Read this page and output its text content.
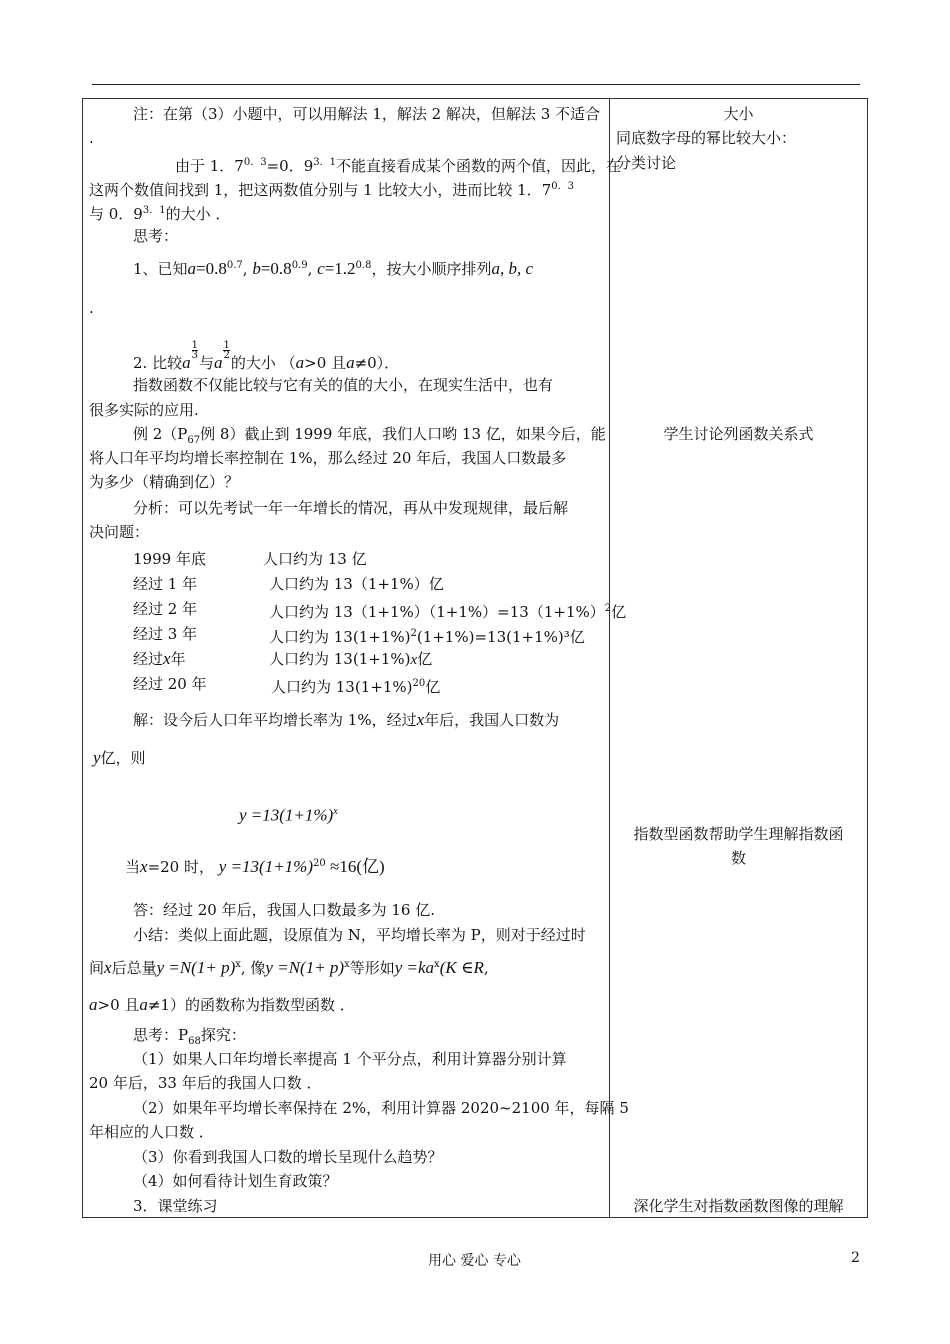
注：在第（3）小题中，可以用解法 1，解法 2 解决，但解法 3 不适合
.
由于 1．$7^{0.3}=0$．$9^{3.1}$不能直接看成某个函数的两个值，因此，在
这两个数值间找到 1，把这两数值分别与 1 比较大小，进而比较 1．$7^{0.3}$
与 0．$9^{3.1}$的大小 ．
思考：
1、已知$a=0.8^{0.7}$, $b=0.8^{0.9}$, $c=1.2^{0.8}$，按大小顺序排列a, b, c
.
2. 比较a
$\frac{1}{3}$
与a
$\frac{1}{2}$
的大小 （a>0 且a≠0）．
指数函数不仅能比较与它有关的值的大小，在现实生活中，也有
很多实际的应用.
例 $2(P_{67}$例 8）截止到 1999 年底，我们人口哟 13 亿，如果今后，能
将人口年平均均增长率控制在 1%，那么经过 20 年后，我国人口数最多
为多少（精确到亿）？
分析：可以先考试一年一年增长的情况，再从中发现规律，最后解
决问题：
1999 年底	人口约为 13 亿
经过 1 年	人口约为 13（1+1%）亿
经过 2 年	人口约为 $13(1+1\%)(1+1\%)=13(1+1\%)^2$亿
经过 3 年	人口约为 $13(1+1\%)^2(1+1\%)=13(1+1\%)^3$亿
经过x年	人口约为 13(1+1%)x亿
经过 20 年	人口约为 $13(1+1\%)^{20}$亿
解：设今后人口年平均增长率为 1%，经过x年后，我国人口数为
y亿，则
$y =13(1+1\%)^x$
当x=20 时， $y =13(1+1\%)^{20} \approx 16$(亿)
答：经过 20 年后，我国人口数最多为 16 亿.
小结：类似上面此题，设原值为 N，平均增长率为 P，则对于经过时
间x后总量$y =N(1+ p)^x$, 像$y =N(1+ p)^x$等形如$y =ka^x(K$ ∈R,
a>0 且a≠1）的函数称为指数型函数 ．
思考：$P_{68}$探究：
（1）如果人口年均增长率提高 1 个平分点，利用计算器分别计算
20 年后，33 年后的我国人口数 ．
（2）如果年平均增长率保持在 2%，利用计算器 2020~2100 年，每隔 5
年相应的人口数 ．
（3）你看到我国人口数的增长呈现什么趋势？
（4）如何看待计划生育政策？
3．课堂练习
大小
同底数字母的幂比较大小：
分类讨论
学生讨论列函数关系式
指数型函数帮助学生理解指数函
数
深化学生对指数函数图像的理解
用心 爱心 专心	2
